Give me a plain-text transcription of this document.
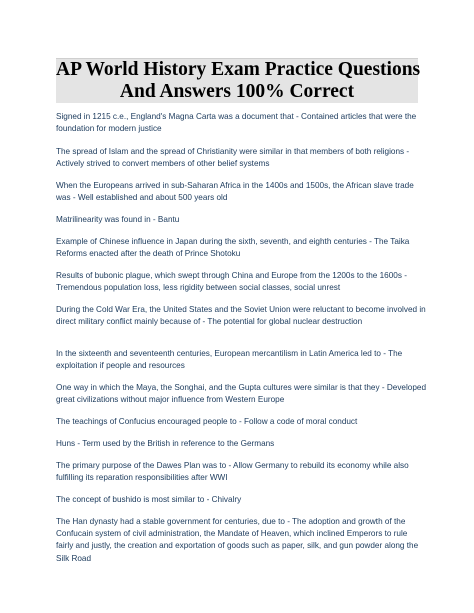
AP World History Exam Practice Questions
And Answers 100% Correct

Signed in 1215 c.e., England's Magna Carta was a document that - Contained articles that were the foundation for modern justice

The spread of Islam and the spread of Christianity were similar in that members of both religions - Actively strived to convert members of other belief systems

When the Europeans arrived in sub-Saharan Africa in the 1400s and 1500s, the African slave trade was - Well established and about 500 years old

Matrilinearity was found in - Bantu

Example of Chinese influence in Japan during the sixth, seventh, and eighth centuries - The Taika Reforms enacted after the death of Prince Shotoku

Results of bubonic plague, which swept through China and Europe from the 1200s to the 1600s - Tremendous population loss, less rigidity between social classes, social unrest

During the Cold War Era, the United States and the Soviet Union were reluctant to become involved in direct military conflict mainly because of - The potential for global nuclear destruction

In the sixteenth and seventeenth centuries, European mercantilism in Latin America led to - The exploitation if people and resources

One way in which the Maya, the Songhai, and the Gupta cultures were similar is that they - Developed great civilizations without major influence from Western Europe

The teachings of Confucius encouraged people to - Follow a code of moral conduct

Huns - Term used by the British in reference to the Germans

The primary purpose of the Dawes Plan was to - Allow Germany to rebuild its economy while also fulfilling its reparation responsibilities after WWI

The concept of bushido is most similar to - Chivalry

The Han dynasty had a stable government for centuries, due to - The adoption and growth of the Confucain system of civil administration, the Mandate of Heaven, which inclined Emperors to rule fairly and justly, the creation and exportation of goods such as paper, silk, and gun powder along the Silk Road
